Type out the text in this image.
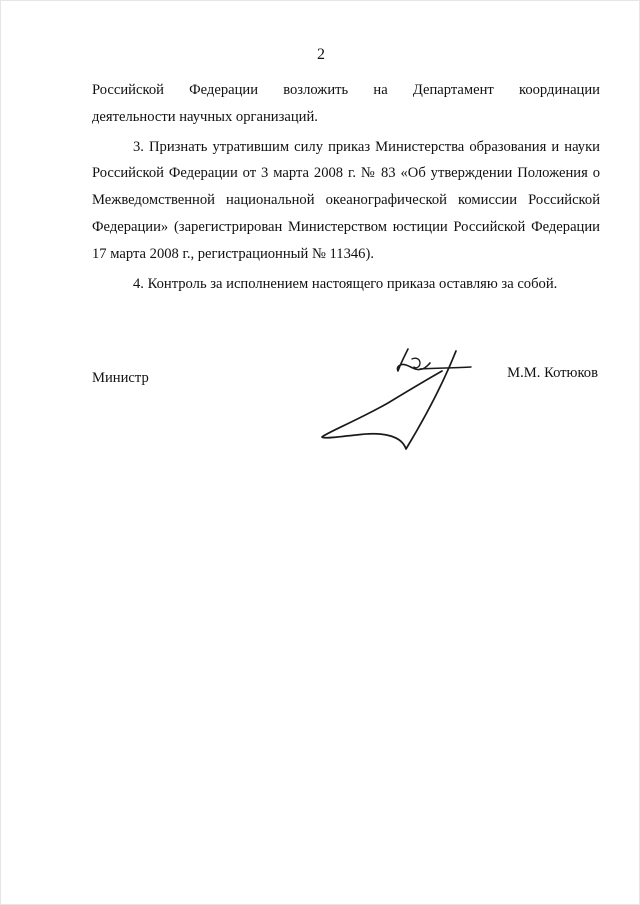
2

Российской Федерации возложить на Департамент координации

деятельности научных организаций.

3. Признать утратившим силу приказ Министерства образования и науки Российской Федерации от 3 марта 2008 г. № 83 «Об утверждении Положения о Межведомственной национальной океанографической комиссии Российской Федерации» (зарегистрирован Министерством юстиции Российской Федерации 17 марта 2008 г., регистрационный № 11346).

4. Контроль за исполнением настоящего приказа оставляю за собой.

Министр	М.М. Котюков
